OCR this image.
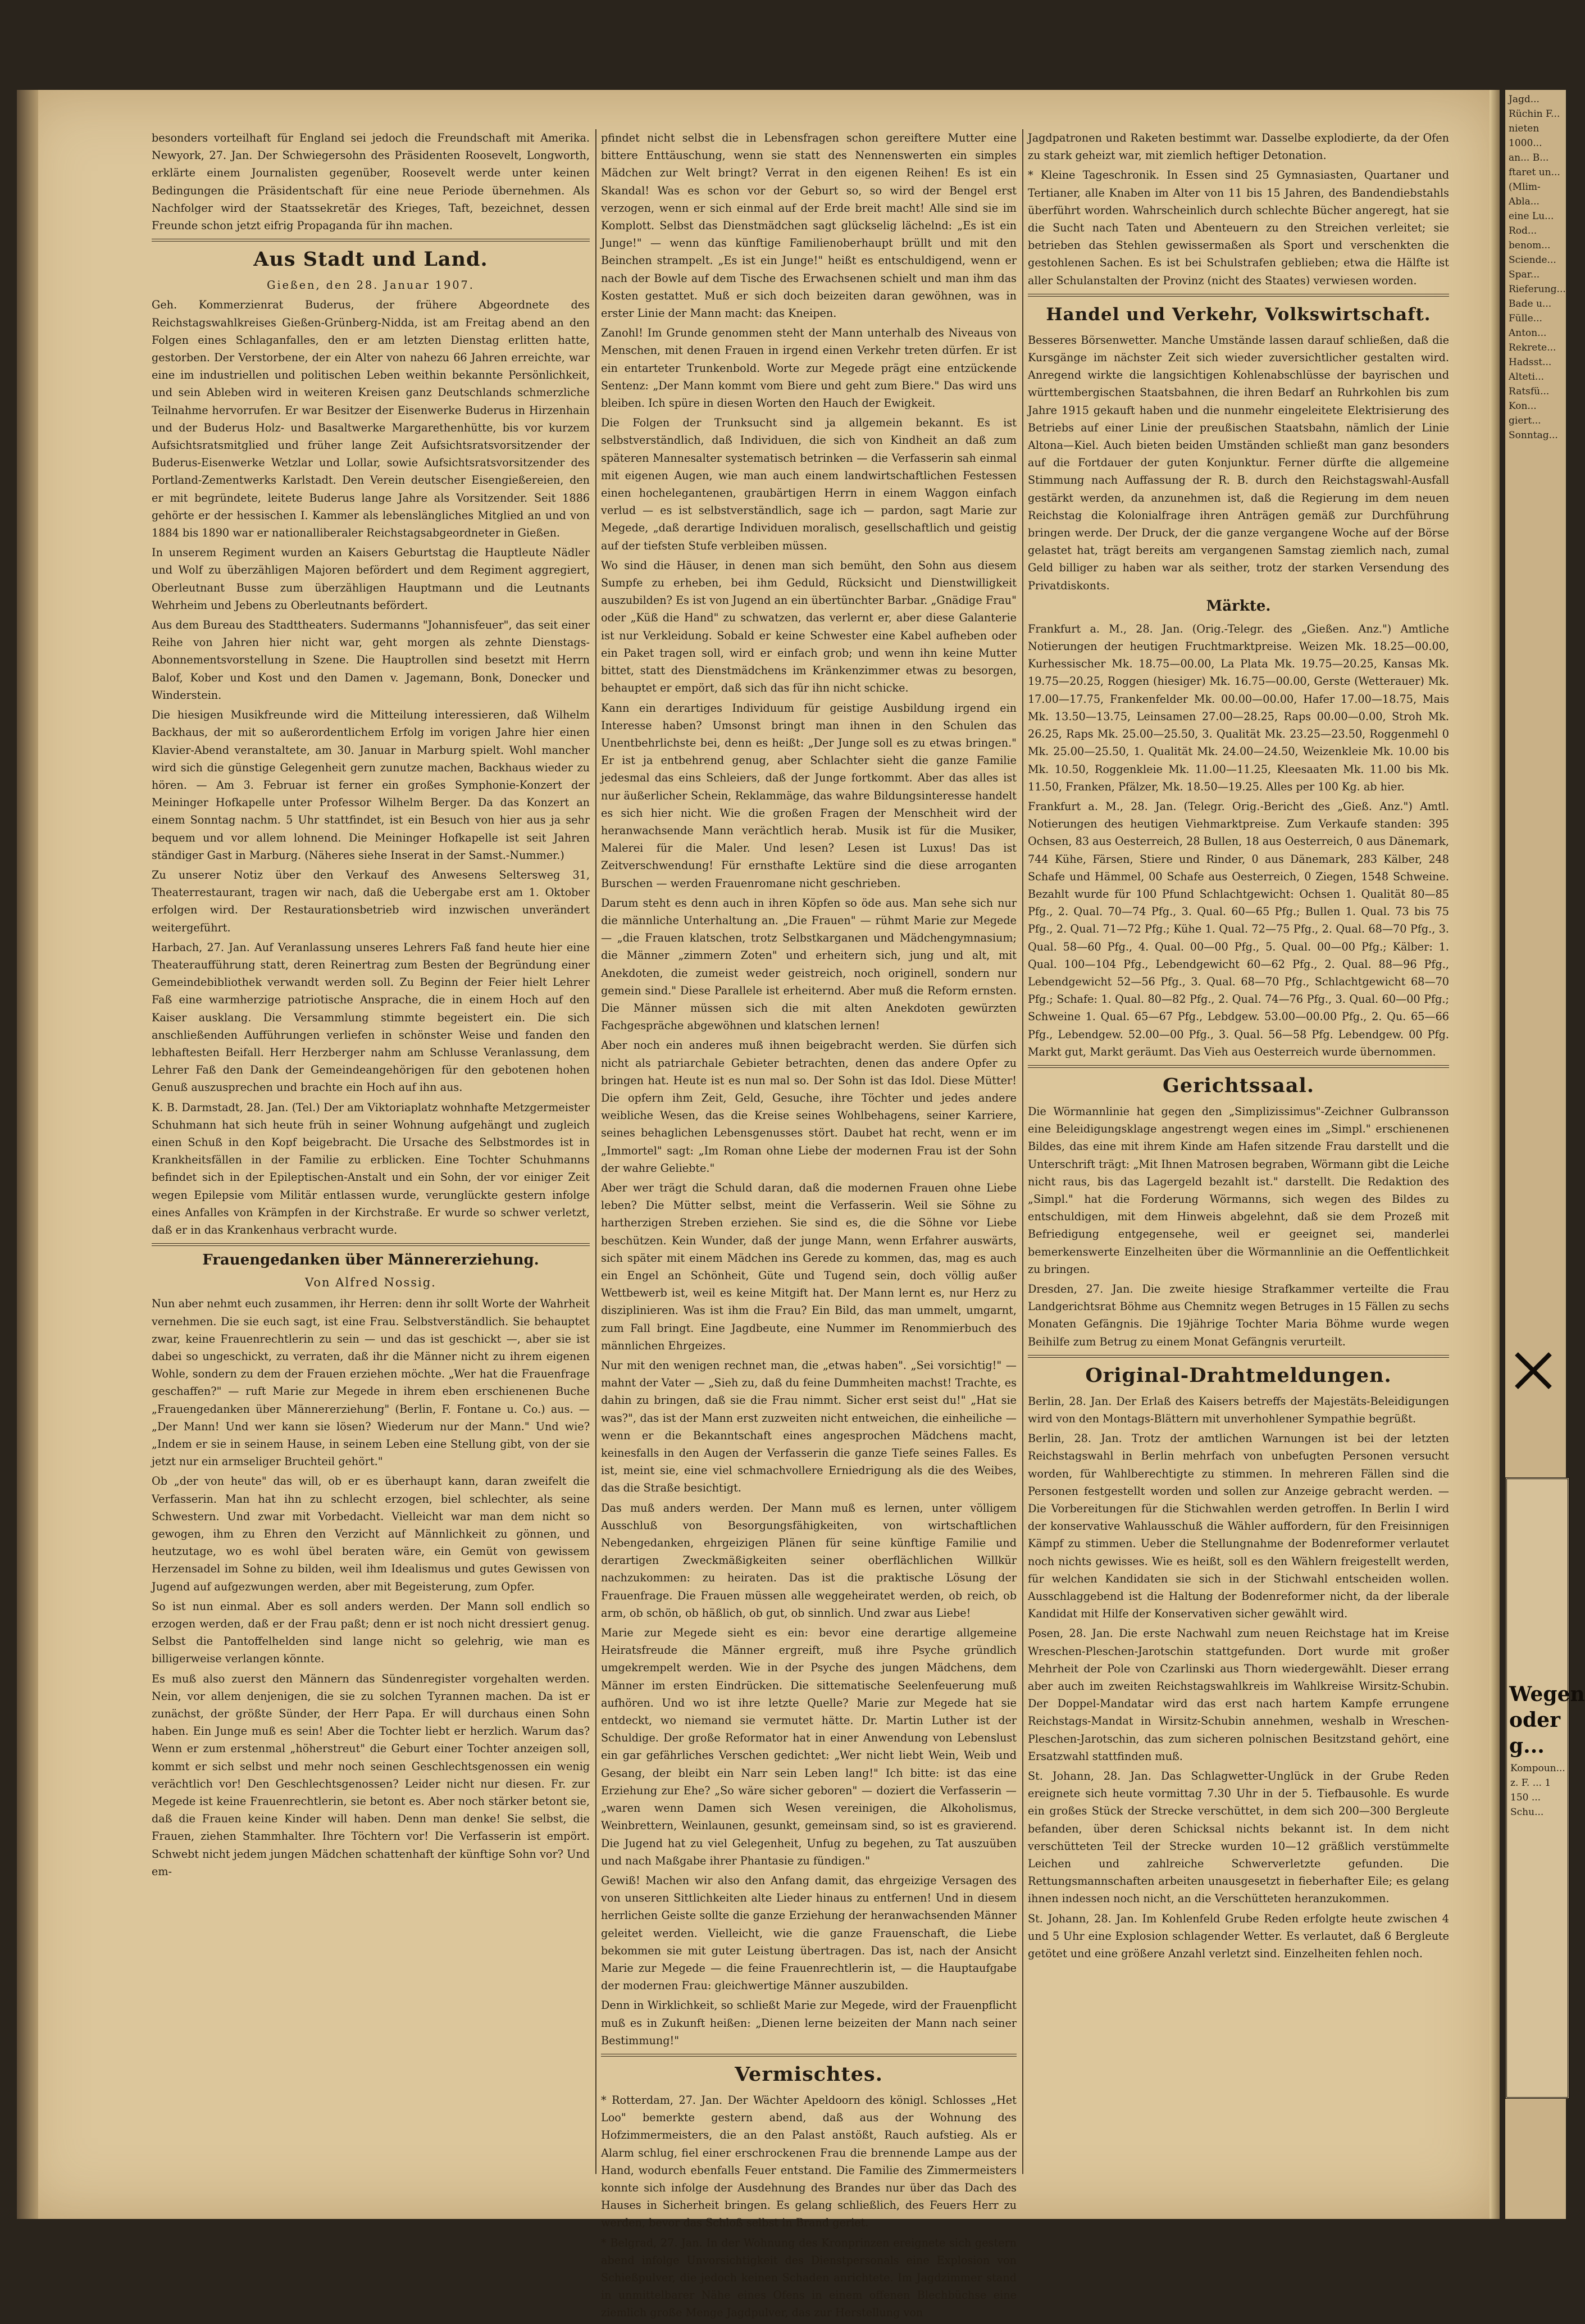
besonders vorteilhaft für England sei jedoch die Freundschaft mit Amerika. Newyork, 27. Jan. Der Schwiegersohn des Präsidenten Roosevelt, Longworth, erklärte einem Journalisten gegenüber, Roosevelt werde unter keinen Bedingungen die Präsidentschaft für eine neue Periode übernehmen. Als Nachfolger wird der Staatssekretär des Krieges, Taft, bezeichnet, dessen Freunde schon jetzt eifrig Propaganda für ihn machen.

Aus Stadt und Land.
Gießen, den 28. Januar 1907.

Geh. Kommerzienrat Buderus, der frühere Abgeordnete des Reichstagswahlkreises Gießen-Grünberg-Nidda, ist am Freitag abend an den Folgen eines Schlaganfalles, den er am letzten Dienstag erlitten hatte, gestorben. Der Verstorbene, der ein Alter von nahezu 66 Jahren erreichte, war eine im industriellen und politischen Leben weithin bekannte Persönlichkeit, und sein Ableben wird in weiteren Kreisen ganz Deutschlands schmerzliche Teilnahme hervorrufen. Er war Besitzer der Eisenwerke Buderus in Hirzenhain und der Buderus Holz- und Basaltwerke Margarethenhütte, bis vor kurzem Aufsichtsratsmitglied und früher lange Zeit Aufsichtsratsvorsitzender der Buderus-Eisenwerke Wetzlar und Lollar, sowie Aufsichtsratsvorsitzender des Portland-Zementwerks Karlstadt. Den Verein deutscher Eisengießereien, den er mit begründete, leitete Buderus lange Jahre als Vorsitzender. Seit 1886 gehörte er der hessischen I. Kammer als lebenslängliches Mitglied an und von 1884 bis 1890 war er nationalliberaler Reichstagsabgeordneter in Gießen.

In unserem Regiment wurden an Kaisers Geburtstag die Hauptleute Nädler und Wolf zu überzähligen Majoren befördert und dem Regiment aggregiert, Oberleutnant Busse zum überzähligen Hauptmann und die Leutnants Wehrheim und Jebens zu Oberleutnants befördert.

Aus dem Bureau des Stadttheaters. Sudermanns "Johannisfeuer", das seit einer Reihe von Jahren hier nicht war, geht morgen als zehnte Dienstags-Abonnementsvorstellung in Szene. Die Hauptrollen sind besetzt mit Herrn Balof, Kober und Kost und den Damen v. Jagemann, Bonk, Donecker und Winderstein.

Die hiesigen Musikfreunde wird die Mitteilung interessieren, daß Wilhelm Backhaus, der mit so außerordentlichem Erfolg im vorigen Jahre hier einen Klavier-Abend veranstaltete, am 30. Januar in Marburg spielt. Wohl mancher wird sich die günstige Gelegenheit gern zunutze machen, Backhaus wieder zu hören. — Am 3. Februar ist ferner ein großes Symphonie-Konzert der Meininger Hofkapelle unter Professor Wilhelm Berger. Da das Konzert an einem Sonntag nachm. 5 Uhr stattfindet, ist ein Besuch von hier aus ja sehr bequem und vor allem lohnend. Die Meininger Hofkapelle ist seit Jahren ständiger Gast in Marburg. (Näheres siehe Inserat in der Samst.-Nummer.)

Zu unserer Notiz über den Verkauf des Anwesens Seltersweg 31, Theaterrestaurant, tragen wir nach, daß die Uebergabe erst am 1. Oktober erfolgen wird. Der Restaurationsbetrieb wird inzwischen unverändert weitergeführt.

Harbach, 27. Jan. Auf Veranlassung unseres Lehrers Faß fand heute hier eine Theateraufführung statt, deren Reinertrag zum Besten der Begründung einer Gemeindebibliothek verwandt werden soll. Zu Beginn der Feier hielt Lehrer Faß eine warmherzige patriotische Ansprache, die in einem Hoch auf den Kaiser ausklang. Die Versammlung stimmte begeistert ein. Die sich anschließenden Aufführungen verliefen in schönster Weise und fanden den lebhaftesten Beifall. Herr Herzberger nahm am Schlusse Veranlassung, dem Lehrer Faß den Dank der Gemeindeangehörigen für den gebotenen hohen Genuß auszusprechen und brachte ein Hoch auf ihn aus.

K. B. Darmstadt, 28. Jan. (Tel.) Der am Viktoriaplatz wohnhafte Metzgermeister Schuhmann hat sich heute früh in seiner Wohnung aufgehängt und zugleich einen Schuß in den Kopf beigebracht. Die Ursache des Selbstmordes ist in Krankheitsfällen in der Familie zu erblicken. Eine Tochter Schuhmanns befindet sich in der Epileptischen-Anstalt und ein Sohn, der vor einiger Zeit wegen Epilepsie vom Militär entlassen wurde, verunglückte gestern infolge eines Anfalles von Krämpfen in der Kirchstraße. Er wurde so schwer verletzt, daß er in das Krankenhaus verbracht wurde.

Frauengedanken über Männererziehung.
Von Alfred Nossig.

Nun aber nehmt euch zusammen, ihr Herren: denn ihr sollt Worte der Wahrheit vernehmen. Die sie euch sagt, ist eine Frau. Selbstverständlich. Sie behauptet zwar, keine Frauenrechtlerin zu sein — und das ist geschickt —, aber sie ist dabei so ungeschickt, zu verraten, daß ihr die Männer nicht zu ihrem eigenen Wohle, sondern zu dem der Frauen erziehen möchte. „Wer hat die Frauenfrage geschaffen?" — ruft Marie zur Megede in ihrem eben erschienenen Buche „Frauengedanken über Männererziehung" (Berlin, F. Fontane u. Co.) aus. — „Der Mann! Und wer kann sie lösen? Wiederum nur der Mann." Und wie? „Indem er sie in seinem Hause, in seinem Leben eine Stellung gibt, von der sie jetzt nur ein armseliger Bruchteil gehört."

Ob „der von heute" das will, ob er es überhaupt kann, daran zweifelt die Verfasserin. Man hat ihn zu schlecht erzogen, biel schlechter, als seine Schwestern. Und zwar mit Vorbedacht. Vielleicht war man dem nicht so gewogen, ihm zu Ehren den Verzicht auf Männlichkeit zu gönnen, und heutzutage, wo es wohl übel beraten wäre, ein Gemüt von gewissem Herzensadel im Sohne zu bilden, weil ihm Idealismus und gutes Gewissen von Jugend auf aufgezwungen werden, aber mit Begeisterung, zum Opfer.

So ist nun einmal. Aber es soll anders werden. Der Mann soll endlich so erzogen werden, daß er der Frau paßt; denn er ist noch nicht dressiert genug. Selbst die Pantoffelhelden sind lange nicht so gelehrig, wie man es billigerweise verlangen könnte.

Es muß also zuerst den Männern das Sündenregister vorgehalten werden. Nein, vor allem denjenigen, die sie zu solchen Tyrannen machen. Da ist er zunächst, der größte Sünder, der Herr Papa. Er will durchaus einen Sohn haben. Ein Junge muß es sein! Aber die Tochter liebt er herzlich. Warum das? Wenn er zum erstenmal „höherstreut" die Geburt einer Tochter anzeigen soll, kommt er sich selbst und mehr noch seinen Geschlechtsgenossen ein wenig verächtlich vor! Den Geschlechtsgenossen? Leider nicht nur diesen. Fr. zur Megede ist keine Frauenrechtlerin, sie betont es. Aber noch stärker betont sie, daß die Frauen keine Kinder will haben. Denn man denke! Sie selbst, die Frauen, ziehen Stammhalter. Ihre Töchtern vor! Die Verfasserin ist empört. Schwebt nicht jedem jungen Mädchen schattenhaft der künftige Sohn vor? Und em-

pfindet nicht selbst die in Lebensfragen schon gereiftere Mutter eine bittere Enttäuschung, wenn sie statt des Nennenswerten ein simples Mädchen zur Welt bringt? Verrat in den eigenen Reihen! Es ist ein Skandal! Was es schon vor der Geburt so, so wird der Bengel erst verzogen, wenn er sich einmal auf der Erde breit macht! Alle sind sie im Komplott. Selbst das Dienstmädchen sagt glückselig lächelnd: „Es ist ein Junge!" — wenn das künftige Familienoberhaupt brüllt und mit den Beinchen strampelt. „Es ist ein Junge!" heißt es entschuldigend, wenn er nach der Bowle auf dem Tische des Erwachsenen schielt und man ihm das Kosten gestattet. Muß er sich doch beizeiten daran gewöhnen, was in erster Linie der Mann macht: das Kneipen.

Zanohl! Im Grunde genommen steht der Mann unterhalb des Niveaus von Menschen, mit denen Frauen in irgend einen Verkehr treten dürfen. Er ist ein entarteter Trunkenbold. Worte zur Megede prägt eine entzückende Sentenz: „Der Mann kommt vom Biere und geht zum Biere." Das wird uns bleiben. Ich spüre in diesen Worten den Hauch der Ewigkeit.

Die Folgen der Trunksucht sind ja allgemein bekannt. Es ist selbstverständlich, daß Individuen, die sich von Kindheit an daß zum späteren Mannesalter systematisch betrinken — die Verfasserin sah einmal mit eigenen Augen, wie man auch einem landwirtschaftlichen Festessen einen hochelegantenen, graubärtigen Herrn in einem Waggon einfach verlud — es ist selbstverständlich, sage ich — pardon, sagt Marie zur Megede, „daß derartige Individuen moralisch, gesellschaftlich und geistig auf der tiefsten Stufe verbleiben müssen.

Wo sind die Häuser, in denen man sich bemüht, den Sohn aus diesem Sumpfe zu erheben, bei ihm Geduld, Rücksicht und Dienstwilligkeit auszubilden? Es ist von Jugend an ein übertünchter Barbar. „Gnädige Frau" oder „Küß die Hand" zu schwatzen, das verlernt er, aber diese Galanterie ist nur Verkleidung. Sobald er keine Schwester eine Kabel aufheben oder ein Paket tragen soll, wird er einfach grob; und wenn ihn keine Mutter bittet, statt des Dienstmädchens im Kränkenzimmer etwas zu besorgen, behauptet er empört, daß sich das für ihn nicht schicke.

Kann ein derartiges Individuum für geistige Ausbildung irgend ein Interesse haben? Umsonst bringt man ihnen in den Schulen das Unentbehrlichste bei, denn es heißt: „Der Junge soll es zu etwas bringen." Er ist ja entbehrend genug, aber Schlachter sieht die ganze Familie jedesmal das eins Schleiers, daß der Junge fortkommt. Aber das alles ist nur äußerlicher Schein, Reklammäge, das wahre Bildungsinteresse handelt es sich hier nicht. Wie die großen Fragen der Menschheit wird der heranwachsende Mann verächtlich herab. Musik ist für die Musiker, Malerei für die Maler. Und lesen? Lesen ist Luxus! Das ist Zeitverschwendung! Für ernsthafte Lektüre sind die diese arroganten Burschen — werden Frauenromane nicht geschrieben.

Darum steht es denn auch in ihren Köpfen so öde aus. Man sehe sich nur die männliche Unterhaltung an. „Die Frauen" — rühmt Marie zur Megede — „die Frauen klatschen, trotz Selbstkarganen und Mädchengymnasium; die Männer „zimmern Zoten" und erheitern sich, jung und alt, mit Anekdoten, die zumeist weder geistreich, noch originell, sondern nur gemein sind." Diese Parallele ist erheiternd. Aber muß die Reform ernsten. Die Männer müssen sich die mit alten Anekdoten gewürzten Fachgespräche abgewöhnen und klatschen lernen!

Aber noch ein anderes muß ihnen beigebracht werden. Sie dürfen sich nicht als patriarchale Gebieter betrachten, denen das andere Opfer zu bringen hat. Heute ist es nun mal so. Der Sohn ist das Idol. Diese Mütter! Die opfern ihm Zeit, Geld, Gesuche, ihre Töchter und jedes andere weibliche Wesen, das die Kreise seines Wohlbehagens, seiner Karriere, seines behaglichen Lebensgenusses stört. Daubet hat recht, wenn er im „Immortel" sagt: „Im Roman ohne Liebe der modernen Frau ist der Sohn der wahre Geliebte."

Aber wer trägt die Schuld daran, daß die modernen Frauen ohne Liebe leben? Die Mütter selbst, meint die Verfasserin. Weil sie Söhne zu hartherzigen Streben erziehen. Sie sind es, die die Söhne vor Liebe beschützen. Kein Wunder, daß der junge Mann, wenn Erfahrer auswärts, sich später mit einem Mädchen ins Gerede zu kommen, das, mag es auch ein Engel an Schönheit, Güte und Tugend sein, doch völlig außer Wettbewerb ist, weil es keine Mitgift hat. Der Mann lernt es, nur Herz zu disziplinieren. Was ist ihm die Frau? Ein Bild, das man ummelt, umgarnt, zum Fall bringt. Eine Jagdbeute, eine Nummer im Renommierbuch des männlichen Ehrgeizes.

Nur mit den wenigen rechnet man, die „etwas haben". „Sei vorsichtig!" — mahnt der Vater — „Sieh zu, daß du feine Dummheiten machst! Trachte, es dahin zu bringen, daß sie die Frau nimmt. Sicher erst seist du!" „Hat sie was?", das ist der Mann erst zuzweiten nicht entweichen, die einheiliche — wenn er die Bekanntschaft eines angesprochen Mädchens macht, keinesfalls in den Augen der Verfasserin die ganze Tiefe seines Falles. Es ist, meint sie, eine viel schmachvollere Erniedrigung als die des Weibes, das die Straße besichtigt.

Das muß anders werden. Der Mann muß es lernen, unter völligem Ausschluß von Besorgungsfähigkeiten, von wirtschaftlichen Nebengedanken, ehrgeizigen Plänen für seine künftige Familie und derartigen Zweckmäßigkeiten seiner oberflächlichen Willkür nachzukommen: zu heiraten. Das ist die praktische Lösung der Frauenfrage. Die Frauen müssen alle weggeheiratet werden, ob reich, ob arm, ob schön, ob häßlich, ob gut, ob sinnlich. Und zwar aus Liebe!

Marie zur Megede sieht es ein: bevor eine derartige allgemeine Heiratsfreude die Männer ergreift, muß ihre Psyche gründlich umgekrempelt werden. Wie in der Psyche des jungen Mädchens, dem Männer im ersten Eindrücken. Die sittematische Seelenfeuerung muß aufhören. Und wo ist ihre letzte Quelle? Marie zur Megede hat sie entdeckt, wo niemand sie vermutet hätte. Dr. Martin Luther ist der Schuldige. Der große Reformator hat in einer Anwendung von Lebenslust ein gar gefährliches Verschen gedichtet: „Wer nicht liebt Wein, Weib und Gesang, der bleibt ein Narr sein Leben lang!" Ich bitte: ist das eine Erziehung zur Ehe? „So wäre sicher geboren" — doziert die Verfasserin — „waren wenn Damen sich Wesen vereinigen, die Alkoholismus, Weinbrettern, Weinlaunen, gesunkt, gemeinsam sind, so ist es gravierend. Die Jugend hat zu viel Gelegenheit, Unfug zu begehen, zu Tat auszuüben und nach Maßgabe ihrer Phantasie zu fündigen."

Gewiß! Machen wir also den Anfang damit, das ehrgeizige Versagen des von unseren Sittlichkeiten alte Lieder hinaus zu entfernen! Und in diesem herrlichen Geiste sollte die ganze Erziehung der heranwachsenden Männer geleitet werden. Vielleicht, wie die ganze Frauenschaft, die Liebe bekommen sie mit guter Leistung übertragen. Das ist, nach der Ansicht Marie zur Megede — die feine Frauenrechtlerin ist, — die Hauptaufgabe der modernen Frau: gleichwertige Männer auszubilden.

Denn in Wirklichkeit, so schließt Marie zur Megede, wird der Frauenpflicht muß es in Zukunft heißen: „Dienen lerne beizeiten der Mann nach seiner Bestimmung!"

Vermischtes.

* Rotterdam, 27. Jan. Der Wächter Apeldoorn des königl. Schlosses „Het Loo" bemerkte gestern abend, daß aus der Wohnung des Hofzimmermeisters, die an den Palast anstößt, Rauch aufstieg. Als er Alarm schlug, fiel einer erschrockenen Frau die brennende Lampe aus der Hand, wodurch ebenfalls Feuer entstand. Die Familie des Zimmermeisters konnte sich infolge der Ausdehnung des Brandes nur über das Dach des Hauses in Sicherheit bringen. Es gelang schließlich, des Feuers Herr zu werden, bevor das Schloß selbst in Brand geriet.

* Belgrad, 27. Jan. In der Wohnung des Kronprinzen ereignete sich gestern abend infolge Unvorsichtigkeit des Dienstpersonals eine Explosion von Schießpulver, die jedoch keinen Schaden anrichtete. Im Jagdzimmer stand in unmittelbarer Nähe eines Ofens in einem offenen Blechbüchse eine ziemlich große Menge Jagdpulver, das zur Herstellung von

Jagdpatronen und Raketen bestimmt war. Dasselbe explodierte, da der Ofen zu stark geheizt war, mit ziemlich heftiger Detonation.

* Kleine Tageschronik. In Essen sind 25 Gymnasiasten, Quartaner und Tertianer, alle Knaben im Alter von 11 bis 15 Jahren, des Bandendiebstahls überführt worden. Wahrscheinlich durch schlechte Bücher angeregt, hat sie die Sucht nach Taten und Abenteuern zu den Streichen verleitet; sie betrieben das Stehlen gewissermaßen als Sport und verschenkten die gestohlenen Sachen. Es ist bei Schulstrafen geblieben; etwa die Hälfte ist aller Schulanstalten der Provinz (nicht des Staates) verwiesen worden.

Handel und Verkehr, Volkswirtschaft.

Besseres Börsenwetter. Manche Umstände lassen darauf schließen, daß die Kursgänge im nächster Zeit sich wieder zuversichtlicher gestalten wird. Anregend wirkte die langsichtigen Kohlenabschlüsse der bayrischen und württembergischen Staatsbahnen, die ihren Bedarf an Ruhrkohlen bis zum Jahre 1915 gekauft haben und die nunmehr eingeleitete Elektrisierung des Betriebs auf einer Linie der preußischen Staatsbahn, nämlich der Linie Altona—Kiel. Auch bieten beiden Umständen schließt man ganz besonders auf die Fortdauer der guten Konjunktur. Ferner dürfte die allgemeine Stimmung nach Auffassung der R. B. durch den Reichstagswahl-Ausfall gestärkt werden, da anzunehmen ist, daß die Regierung im dem neuen Reichstag die Kolonialfrage ihren Anträgen gemäß zur Durchführung bringen werde. Der Druck, der die ganze vergangene Woche auf der Börse gelastet hat, trägt bereits am vergangenen Samstag ziemlich nach, zumal Geld billiger zu haben war als seither, trotz der starken Versendung des Privatdiskonts.

Märkte.

Frankfurt a. M., 28. Jan. (Orig.-Telegr. des „Gießen. Anz.") Amtliche Notierungen der heutigen Fruchtmarktpreise. Weizen Mk. 18.25—00.00, Kurhessischer Mk. 18.75—00.00, La Plata Mk. 19.75—20.25, Kansas Mk. 19.75—20.25, Roggen (hiesiger) Mk. 16.75—00.00, Gerste (Wetterauer) Mk. 17.00—17.75, Frankenfelder Mk. 00.00—00.00, Hafer 17.00—18.75, Mais Mk. 13.50—13.75, Leinsamen 27.00—28.25, Raps 00.00—0.00, Stroh Mk. 26.25, Raps Mk. 25.00—25.50, 3. Qualität Mk. 23.25—23.50, Roggenmehl 0 Mk. 25.00—25.50, 1. Qualität Mk. 24.00—24.50, Weizenkleie Mk. 10.00 bis Mk. 10.50, Roggenkleie Mk. 11.00—11.25, Kleesaaten Mk. 11.00 bis Mk. 11.50, Franken, Pfälzer, Mk. 18.50—19.25. Alles per 100 Kg. ab hier.

Frankfurt a. M., 28. Jan. (Telegr. Orig.-Bericht des „Gieß. Anz.") Amtl. Notierungen des heutigen Viehmarktpreise. Zum Verkaufe standen: 395 Ochsen, 83 aus Oesterreich, 28 Bullen, 18 aus Oesterreich, 0 aus Dänemark, 744 Kühe, Färsen, Stiere und Rinder, 0 aus Dänemark, 283 Kälber, 248 Schafe und Hämmel, 00 Schafe aus Oesterreich, 0 Ziegen, 1548 Schweine. Bezahlt wurde für 100 Pfund Schlachtgewicht: Ochsen 1. Qualität 80—85 Pfg., 2. Qual. 70—74 Pfg., 3. Qual. 60—65 Pfg.; Bullen 1. Qual. 73 bis 75 Pfg., 2. Qual. 71—72 Pfg.; Kühe 1. Qual. 72—75 Pfg., 2. Qual. 68—70 Pfg., 3. Qual. 58—60 Pfg., 4. Qual. 00—00 Pfg., 5. Qual. 00—00 Pfg.; Kälber: 1. Qual. 100—104 Pfg., Lebendgewicht 60—62 Pfg., 2. Qual. 88—96 Pfg., Lebendgewicht 52—56 Pfg., 3. Qual. 68—70 Pfg., Schlachtgewicht 68—70 Pfg.; Schafe: 1. Qual. 80—82 Pfg., 2. Qual. 74—76 Pfg., 3. Qual. 60—00 Pfg.; Schweine 1. Qual. 65—67 Pfg., Lebdgew. 53.00—00.00 Pfg., 2. Qu. 65—66 Pfg., Lebendgew. 52.00—00 Pfg., 3. Qual. 56—58 Pfg. Lebendgew. 00 Pfg. Markt gut, Markt geräumt. Das Vieh aus Oesterreich wurde übernommen.

Gerichtssaal.

Die Wörmannlinie hat gegen den „Simplizissimus"-Zeichner Gulbransson eine Beleidigungsklage angestrengt wegen eines im „Simpl." erschienenen Bildes, das eine mit ihrem Kinde am Hafen sitzende Frau darstellt und die Unterschrift trägt: „Mit Ihnen Matrosen begraben, Wörmann gibt die Leiche nicht raus, bis das Lagergeld bezahlt ist." darstellt. Die Redaktion des „Simpl." hat die Forderung Wörmanns, sich wegen des Bildes zu entschuldigen, mit dem Hinweis abgelehnt, daß sie dem Prozeß mit Befriedigung entgegensehe, weil er geeignet sei, manderlei bemerkenswerte Einzelheiten über die Wörmannlinie an die Oeffentlichkeit zu bringen.

Dresden, 27. Jan. Die zweite hiesige Strafkammer verteilte die Frau Landgerichtsrat Böhme aus Chemnitz wegen Betruges in 15 Fällen zu sechs Monaten Gefängnis. Die 19jährige Tochter Maria Böhme wurde wegen Beihilfe zum Betrug zu einem Monat Gefängnis verurteilt.

Original-Drahtmeldungen.

Berlin, 28. Jan. Der Erlaß des Kaisers betreffs der Majestäts-Beleidigungen wird von den Montags-Blättern mit unverhohlener Sympathie begrüßt.

Berlin, 28. Jan. Trotz der amtlichen Warnungen ist bei der letzten Reichstagswahl in Berlin mehrfach von unbefugten Personen versucht worden, für Wahlberechtigte zu stimmen. In mehreren Fällen sind die Personen festgestellt worden und sollen zur Anzeige gebracht werden. — Die Vorbereitungen für die Stichwahlen werden getroffen. In Berlin I wird der konservative Wahlausschuß die Wähler auffordern, für den Freisinnigen Kämpf zu stimmen. Ueber die Stellungnahme der Bodenreformer verlautet noch nichts gewisses. Wie es heißt, soll es den Wählern freigestellt werden, für welchen Kandidaten sie sich in der Stichwahl entscheiden wollen. Ausschlaggebend ist die Haltung der Bodenreformer nicht, da der liberale Kandidat mit Hilfe der Konservativen sicher gewählt wird.

Posen, 28. Jan. Die erste Nachwahl zum neuen Reichstage hat im Kreise Wreschen-Pleschen-Jarotschin stattgefunden. Dort wurde mit großer Mehrheit der Pole von Czarlinski aus Thorn wiedergewählt. Dieser errang aber auch im zweiten Reichstagswahlkreis im Wahlkreise Wirsitz-Schubin. Der Doppel-Mandatar wird das erst nach hartem Kampfe errungene Reichstags-Mandat in Wirsitz-Schubin annehmen, weshalb in Wreschen-Pleschen-Jarotschin, das zum sicheren polnischen Besitzstand gehört, eine Ersatzwahl stattfinden muß.

St. Johann, 28. Jan. Das Schlagwetter-Unglück in der Grube Reden ereignete sich heute vormittag 7.30 Uhr in der 5. Tiefbausohle. Es wurde ein großes Stück der Strecke verschüttet, in dem sich 200—300 Bergleute befanden, über deren Schicksal nichts bekannt ist. In dem nicht verschütteten Teil der Strecke wurden 10—12 gräßlich verstümmelte Leichen und zahlreiche Schwerverletzte gefunden. Die Rettungsmannschaften arbeiten unausgesetzt in fieberhafter Eile; es gelang ihnen indessen noch nicht, an die Verschütteten heranzukommen.

St. Johann, 28. Jan. Im Kohlenfeld Grube Reden erfolgte heute zwischen 4 und 5 Uhr eine Explosion schlagender Wetter. Es verlautet, daß 6 Bergleute getötet und eine größere Anzahl verletzt sind. Einzelheiten fehlen noch.

Jagd... Rüchin F... nieten 1000... an... B... ftaret un... (Mlim-Abla... eine Lu... Rod... benom... Sciende... Spar... Rieferung... Bade u... Fülle... Anton... Rekrete... Hadsst... Alteti... Ratsfü... Kon... giert... Sonntag...

Wegen oder g...

Kompoun... z. F. ... 1 150 ... Schu...
